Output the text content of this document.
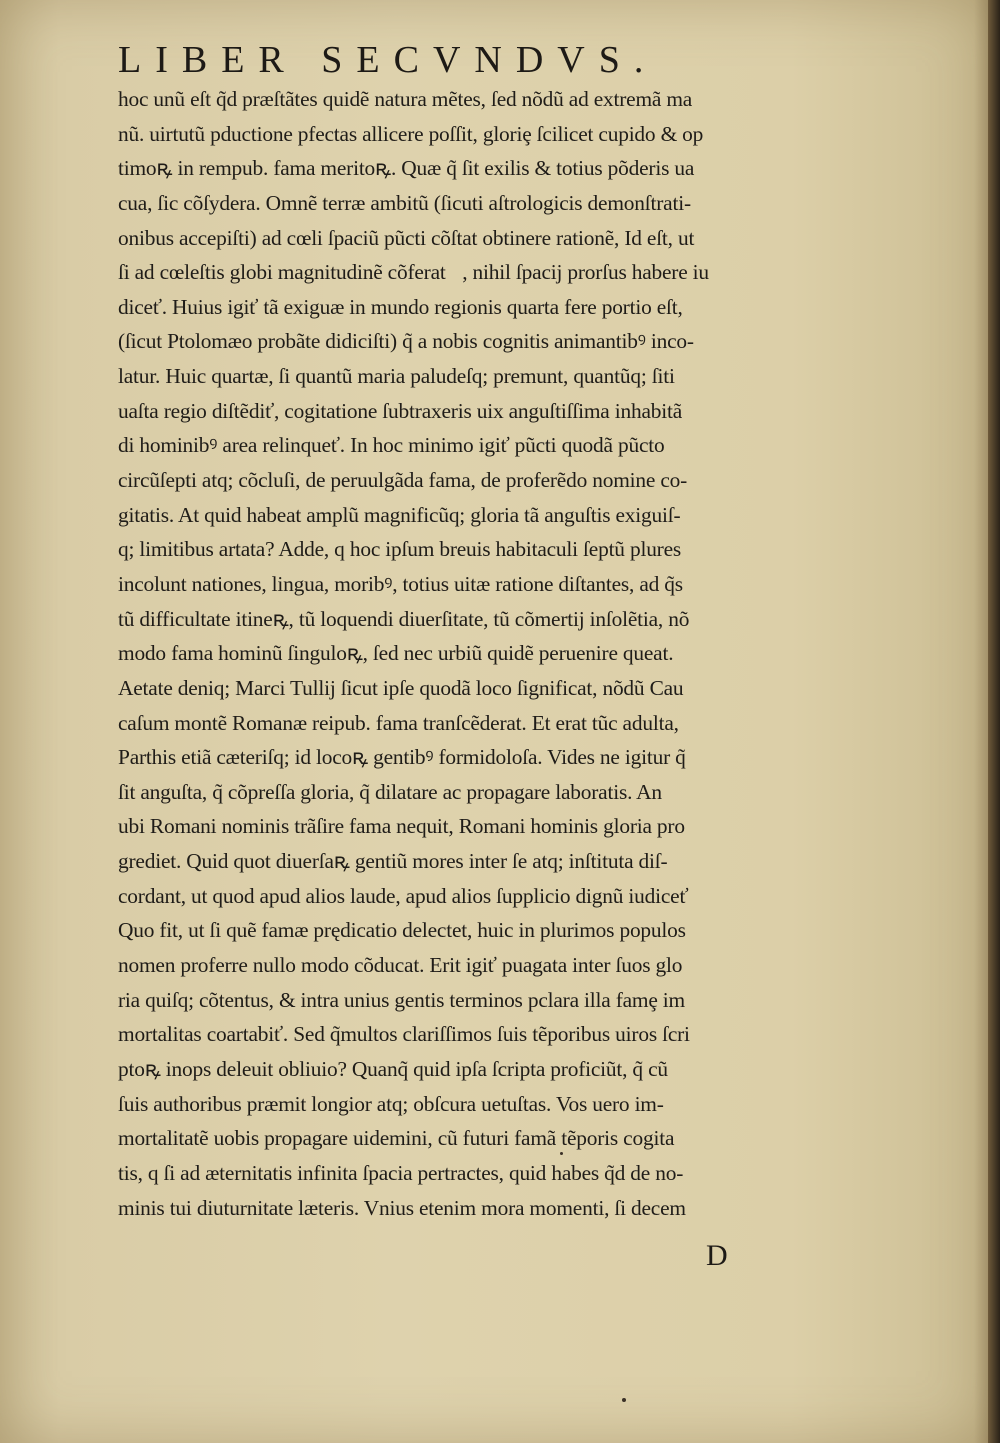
LIBER SECVNDVS.
hoc unũ eſt q̃d præſtãtes quidẽ natura mẽtes, ſed nõdũ ad extremã ma
nũ. uirtutũ pductione pfectas allicere poſſit, gloriȩ ſcilicet cupido & op
timoꝶ in rempub. fama meritoꝶ. Quæ q̃ ſit exilis & totius põderis ua
cua, ſic cõſydera. Omnẽ terræ ambitũ (ſicuti aſtrologicis demonſtrati-
onibus accepiſti) ad cœli ſpaciũ pũcti cõſtat obtinere rationẽ, Id eſt, ut
ſi ad cœleſtis globi magnitudinẽ cõferatᷣ, nihil ſpacij prorſus habere iu
diceť. Huius igiť tã exiguæ in mundo regionis quarta fere portio eſt,
(ſicut Ptolomæo probãte didiciſti) q̃ a nobis cognitis animantibꝰ inco-
latur. Huic quartæ, ſi quantũ maria paludeſq; premunt, quantũq; ſiti
uaſta regio diſtẽdiť, cogitatione ſubtraxeris uix anguſtiſſima inhabitã
di hominibꝰ area relinqueť. In hoc minimo igiť pũcti quodã pũcto
circũſepti atq; cõcluſi, de peruulgãda fama, de proferẽdo nomine co-
gitatis. At quid habeat amplũ magnificũq; gloria tã anguſtis exiguiſ-
q; limitibus artata? Adde, q hoc ipſum breuis habitaculi ſeptũ plures
incolunt nationes, lingua, moribꝰ, totius uitæ ratione diſtantes, ad q̃s
tũ difficultate itineꝶ, tũ loquendi diuerſitate, tũ cõmertij inſolẽtia, nõ
modo fama hominũ ſinguloꝶ, ſed nec urbiũ quidẽ peruenire queat.
Aetate deniq; Marci Tullij ſicut ipſe quodã loco ſignificat, nõdũ Cau
caſum montẽ Romanæ reipub. fama tranſcẽderat. Et erat tũc adulta,
Parthis etiã cæteriſq; id locoꝶ gentibꝰ formidoloſa. Vides ne igitur q̃
ſit anguſta, q̃ cõpreſſa gloria, q̃ dilatare ac propagare laboratis. An
ubi Romani nominis trãſire fama nequit, Romani hominis gloria pro
grediet. Quid quot diuerſaꝶ gentiũ mores inter ſe atq; inſtituta diſ-
cordant, ut quod apud alios laude, apud alios ſupplicio dignũ iudiceť
Quo fit, ut ſi quẽ famæ prędicatio delectet, huic in plurimos populos
nomen proferre nullo modo cõducat. Erit igiť puagata inter ſuos glo
ria quiſq; cõtentus, & intra unius gentis terminos pclara illa famȩ im
mortalitas coartabiť. Sed q̃multos clariſſimos ſuis tẽporibus uiros ſcri
ptoꝶ inops deleuit obliuio? Quanq̃ quid ipſa ſcripta proficiũt, q̃ cũ
ſuis authoribus præmit longior atq; obſcura uetuſtas. Vos uero im-
mortalitatẽ uobis propagare uidemini, cũ futuri famã tẽporis cogita
tis, q ſi ad æternitatis infinita ſpacia pertractes, quid habes q̃d de no-
minis tui diuturnitate læteris. Vnius etenim mora momenti, ſi decem
D
